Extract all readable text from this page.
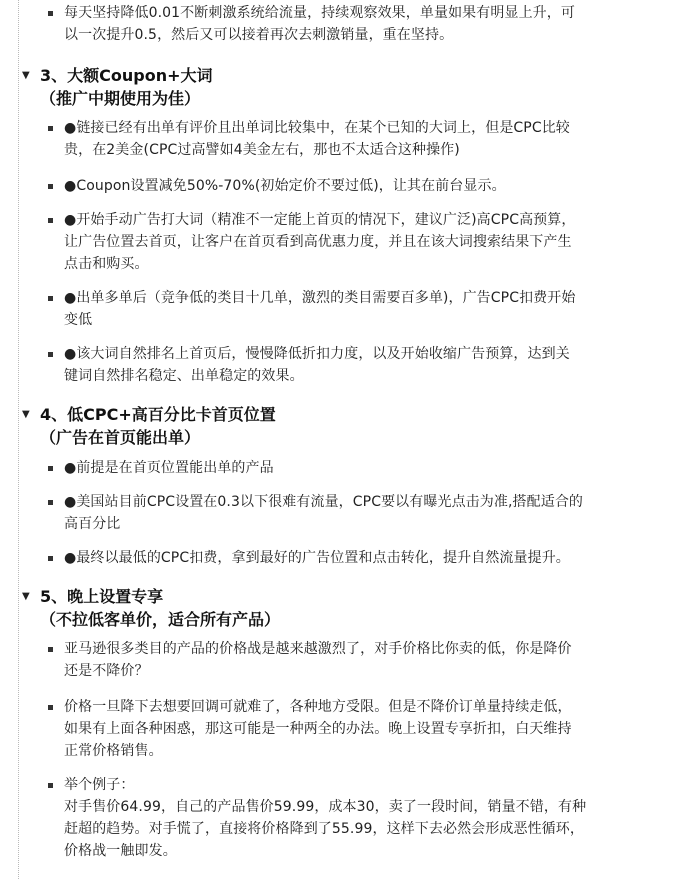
每天坚持降低0.01不断刺激系统给流量，持续观察效果，单量如果有明显上升，可
以一次提升0.5，然后又可以接着再次去刺激销量，重在坚持。
▼ 3、大额Coupon+大词
（推广中期使用为佳）
●链接已经有出单有评价且出单词比较集中，在某个已知的大词上，但是CPC比较
贵，在2美金(CPC过高譬如4美金左右，那也不太适合这种操作)
●Coupon设置减免50%-70%(初始定价不要过低)，让其在前台显示。
●开始手动广告打大词（精准不一定能上首页的情况下，建议广泛)高CPC高预算，
让广告位置去首页，让客户在首页看到高优惠力度，并且在该大词搜索结果下产生
点击和购买。
●出单多单后（竞争低的类目十几单，激烈的类目需要百多单)，广告CPC扣费开始
变低
●该大词自然排名上首页后，慢慢降低折扣力度，以及开始收缩广告预算，达到关
键词自然排名稳定、出单稳定的效果。
▼ 4、低CPC+高百分比卡首页位置
（广告在首页能出单）
●前提是在首页位置能出单的产品
●美国站目前CPC设置在0.3以下很难有流量，CPC要以有曝光点击为准,搭配适合的
高百分比
●最终以最低的CPC扣费，拿到最好的广告位置和点击转化，提升自然流量提升。
▼ 5、晚上设置专享
（不拉低客单价，适合所有产品）
亚马逊很多类目的产品的价格战是越来越激烈了，对手价格比你卖的低，你是降价
还是不降价？
价格一旦降下去想要回调可就难了，各种地方受限。但是不降价订单量持续走低，
如果有上面各种困惑，那这可能是一种两全的办法。晚上设置专享折扣，白天维持
正常价格销售。
举个例子：
对手售价64.99，自己的产品售价59.99，成本30，卖了一段时间，销量不错，有种
赶超的趋势。对手慌了，直接将价格降到了55.99，这样下去必然会形成恶性循环，
价格战一触即发。
